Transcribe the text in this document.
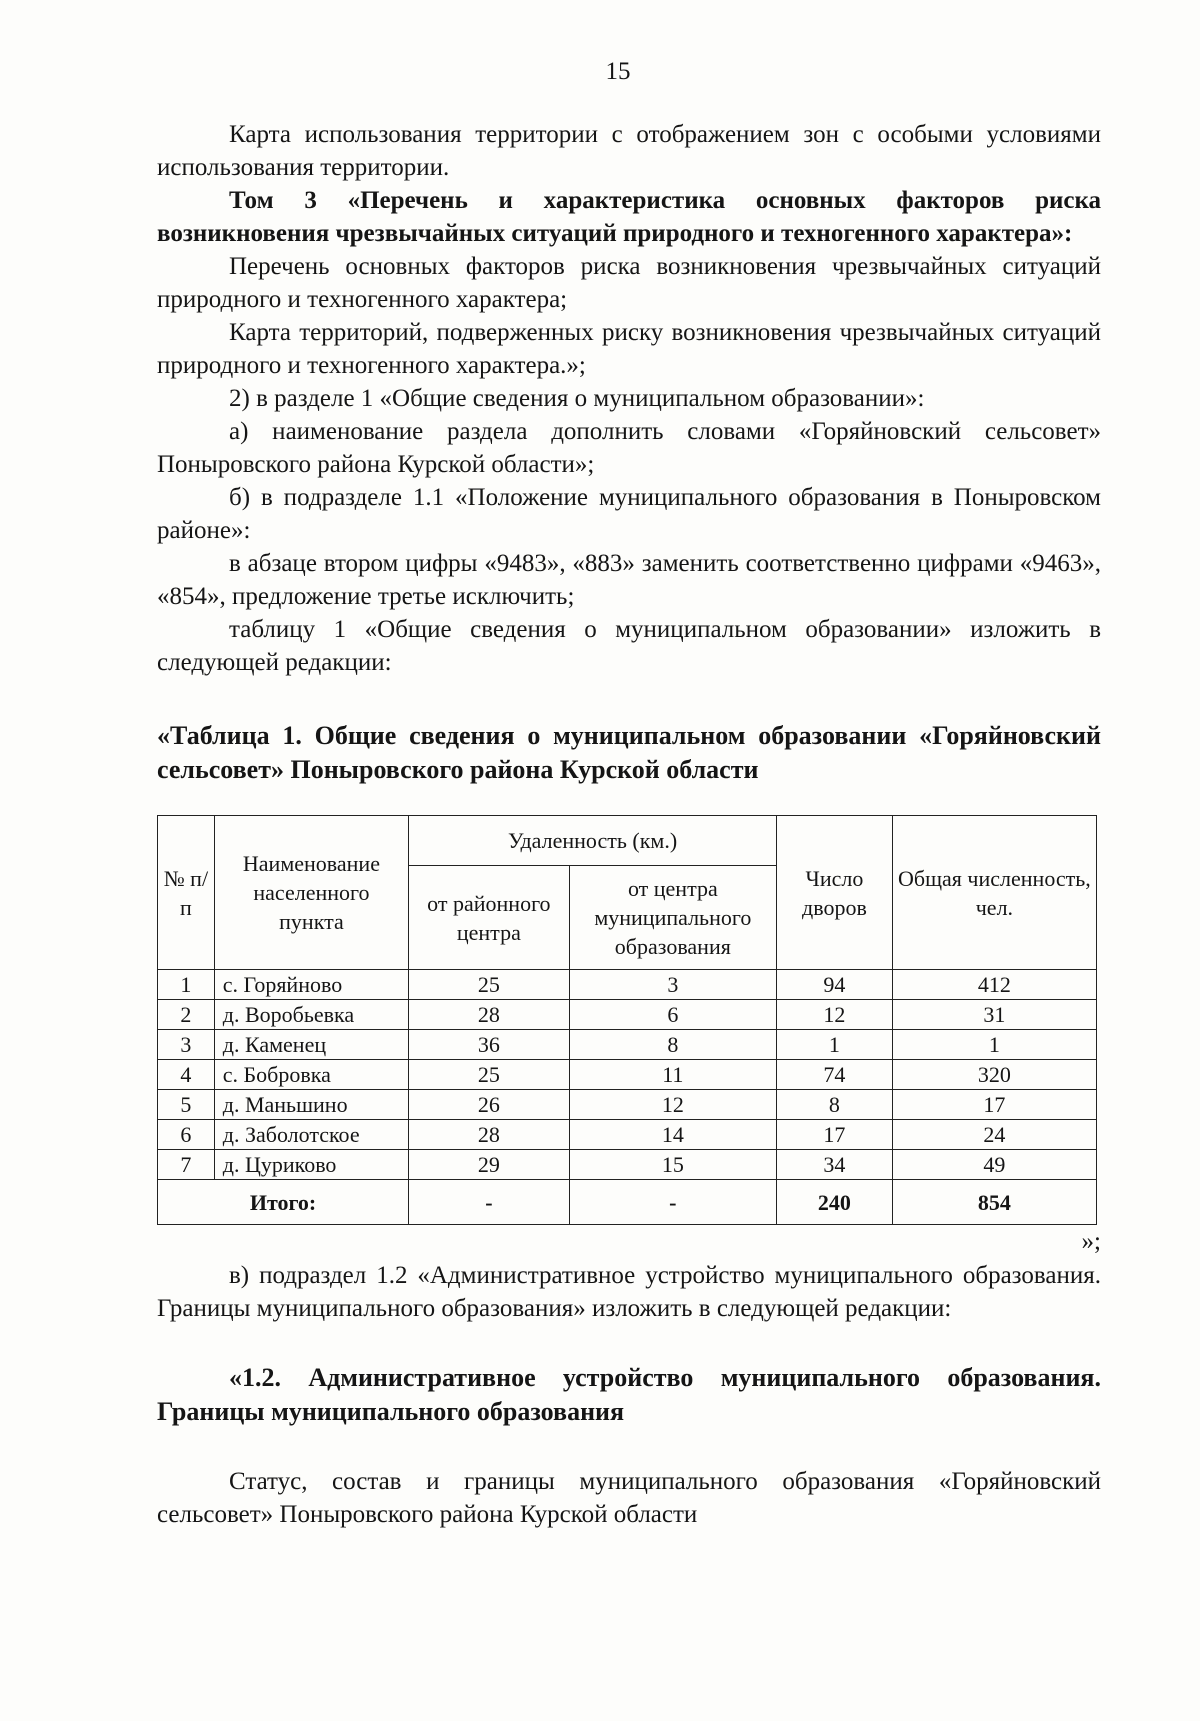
15

Карта использования территории с отображением зон с особыми условиями использования территории.

Том 3 «Перечень и характеристика основных факторов риска возникновения чрезвычайных ситуаций природного и техногенного характера»:

Перечень основных факторов риска возникновения чрезвычайных ситуаций природного и техногенного характера;

Карта территорий, подверженных риску возникновения чрезвычайных ситуаций природного и техногенного характера.»;

2) в разделе 1 «Общие сведения о муниципальном образовании»:

а) наименование раздела дополнить словами «Горяйновский сельсовет» Поныровского района Курской области»;

б) в подразделе 1.1 «Положение муниципального образования в Поныровском районе»:

в абзаце втором цифры «9483», «883» заменить соответственно цифрами «9463», «854», предложение третье исключить;

таблицу 1 «Общие сведения о муниципальном образовании» изложить в следующей редакции:

«Таблица 1. Общие сведения о муниципальном образовании «Горяйновский сельсовет» Поныровского района Курской области

№ п/п	Наименование населенного пункта	Удаленность (км.)		Число дворов	Общая численность, чел.
		от районного центра	от центра муниципального образования		
1	с. Горяйново	25	3	94	412
2	д. Воробьевка	28	6	12	31
3	д. Каменец	36	8	1	1
4	с. Бобровка	25	11	74	320
5	д. Маньшино	26	12	8	17
6	д. Заболотское	28	14	17	24
7	д. Цуриково	29	15	34	49
Итого:		-	-	240	854

»;

в) подраздел 1.2 «Административное устройство муниципального образования. Границы муниципального образования» изложить в следующей редакции:

«1.2. Административное устройство муниципального образования. Границы муниципального образования

Статус, состав и границы муниципального образования «Горяйновский сельсовет» Поныровского района Курской области
